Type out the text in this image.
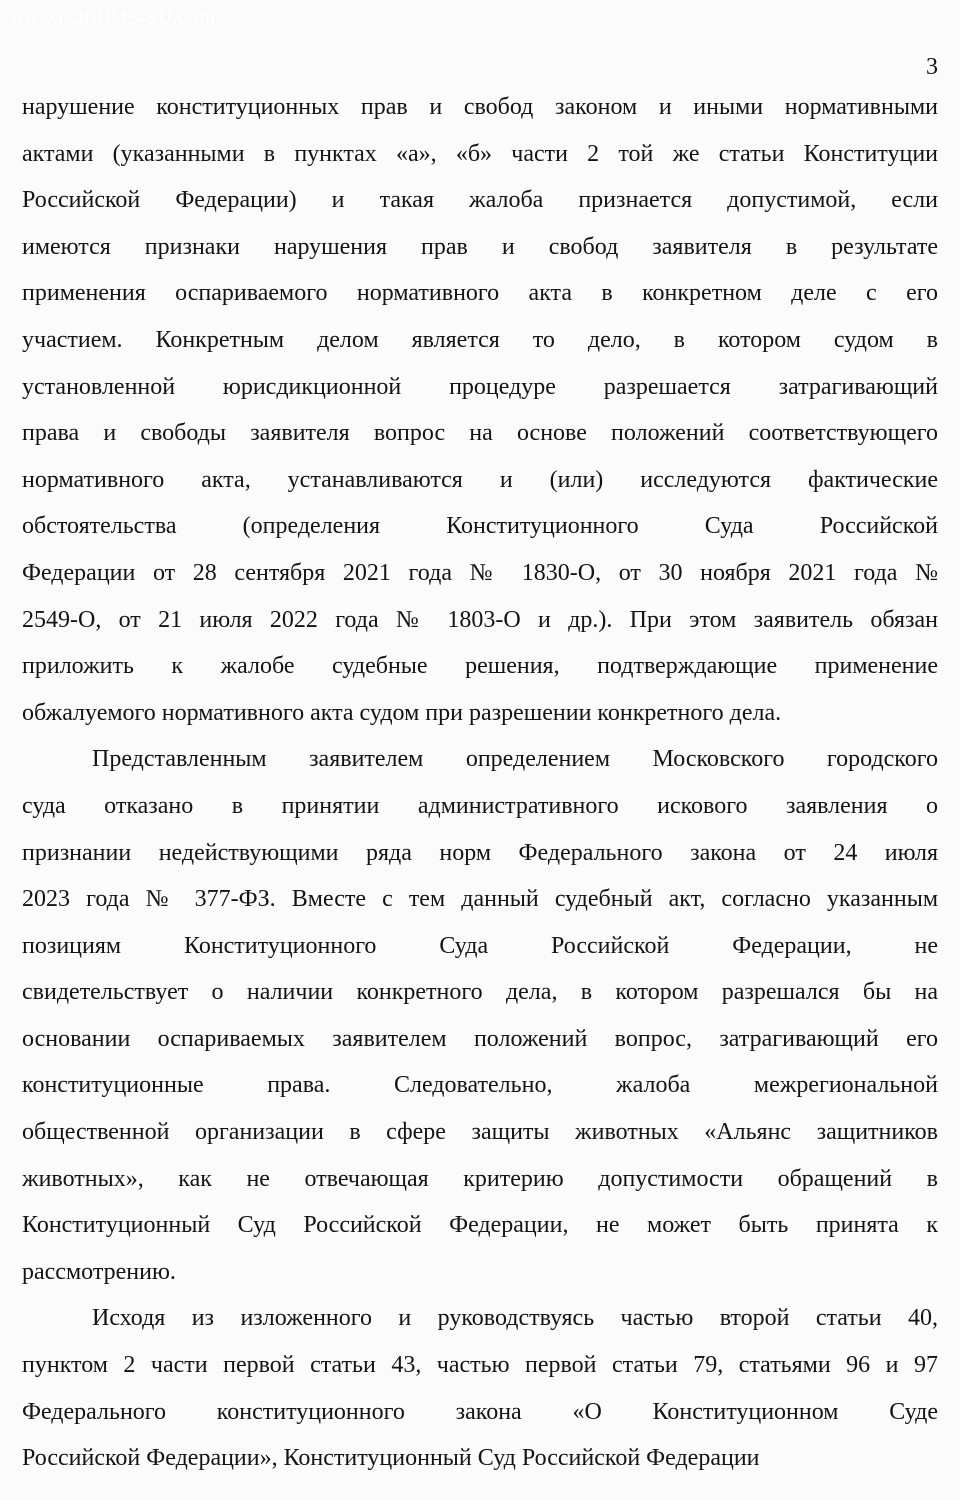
www.FORUMS-SU.com
3
нарушение конституционных прав и свобод законом и иными нормативными
актами (указанными в пунктах «а», «б» части 2 той же статьи Конституции
Российской Федерации) и такая жалоба признается допустимой, если
имеются признаки нарушения прав и свобод заявителя в результате
применения оспариваемого нормативного акта в конкретном деле с его
участием. Конкретным делом является то дело, в котором судом в
установленной юрисдикционной процедуре разрешается затрагивающий
права и свободы заявителя вопрос на основе положений соответствующего
нормативного акта, устанавливаются и (или) исследуются фактические
обстоятельства (определения Конституционного Суда Российской
Федерации от 28 сентября 2021 года № 1830-О, от 30 ноября 2021 года №
2549-О, от 21 июля 2022 года № 1803-О и др.). При этом заявитель обязан
приложить к жалобе судебные решения, подтверждающие применение
обжалуемого нормативного акта судом при разрешении конкретного дела.
Представленным заявителем определением Московского городского
суда отказано в принятии административного искового заявления о
признании недействующими ряда норм Федерального закона от 24 июля
2023 года № 377-ФЗ. Вместе с тем данный судебный акт, согласно указанным
позициям Конституционного Суда Российской Федерации, не
свидетельствует о наличии конкретного дела, в котором разрешался бы на
основании оспариваемых заявителем положений вопрос, затрагивающий его
конституционные права. Следовательно, жалоба межрегиональной
общественной организации в сфере защиты животных «Альянс защитников
животных», как не отвечающая критерию допустимости обращений в
Конституционный Суд Российской Федерации, не может быть принята к
рассмотрению.
Исходя из изложенного и руководствуясь частью второй статьи 40,
пунктом 2 части первой статьи 43, частью первой статьи 79, статьями 96 и 97
Федерального конституционного закона «О Конституционном Суде
Российской Федерации», Конституционный Суд Российской Федерации
